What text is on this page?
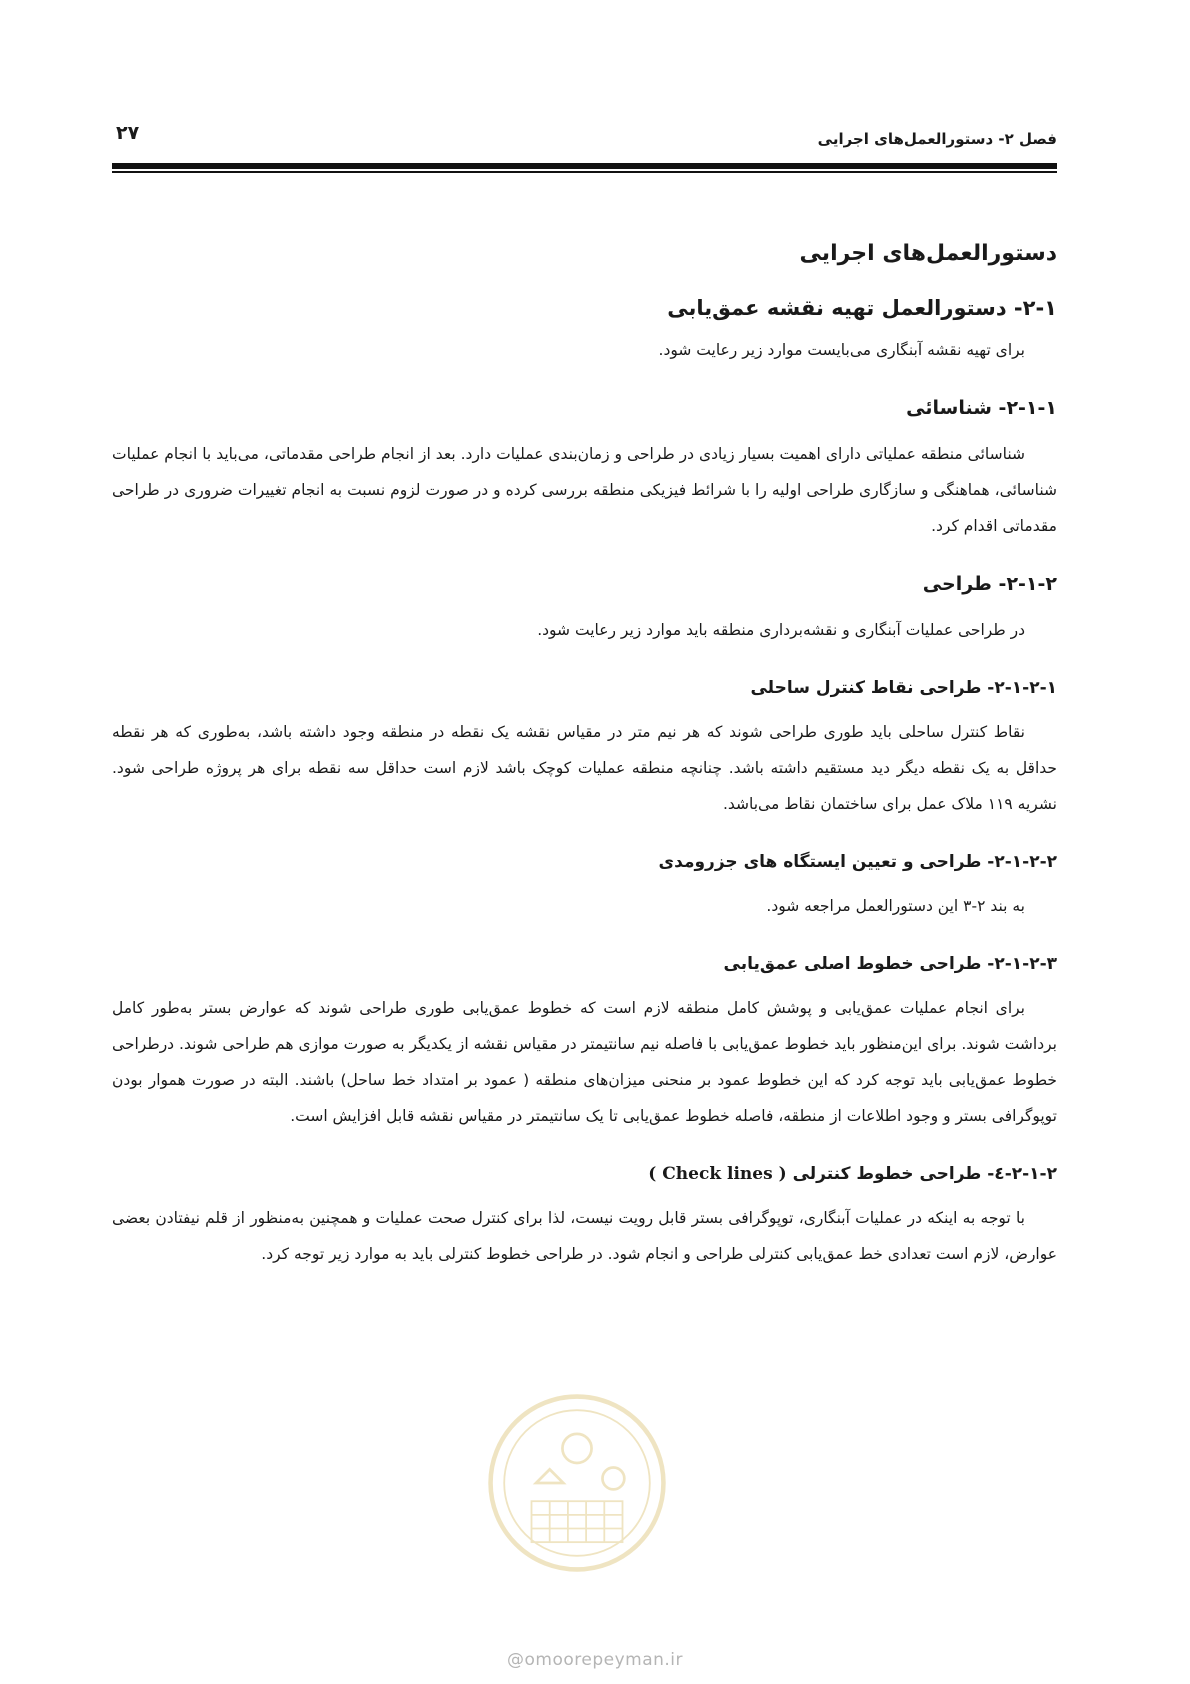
۲۷	فصل ۲- دستورالعمل‌های اجرایی
دستورالعمل‌های اجرایی
۲-۱- دستورالعمل تهیه نقشه عمق‌یابی

برای تهیه نقشه آبنگاری می‌بایست موارد زیر رعایت شود.

۲-۱-۱- شناسائی

شناسائی منطقه عملیاتی دارای اهمیت بسیار زیادی در طراحی و زمان‌بندی عملیات دارد. بعد از انجام طراحی مقدماتی، می‌باید با انجام عملیات شناسائی، هماهنگی و سازگاری طراحی اولیه را با شرائط فیزیکی منطقه بررسی کرده و در صورت لزوم نسبت به انجام تغییرات ضروری در طراحی مقدماتی اقدام کرد.

۲-۱-۲- طراحی

در طراحی عملیات آبنگاری و نقشه‌برداری منطقه باید موارد زیر رعایت شود.

۲-۱-۲-۱- طراحی نقاط کنترل ساحلی

نقاط کنترل ساحلی باید طوری طراحی شوند که هر نیم متر در مقیاس نقشه یک نقطه در منطقه وجود داشته باشد، به‌طوری که هر نقطه حداقل به یک نقطه دیگر دید مستقیم داشته باشد. چنانچه منطقه عملیات کوچک باشد لازم است حداقل سه نقطه برای هر پروژه طراحی شود. نشریه ۱۱۹ ملاک عمل برای ساختمان نقاط می‌باشد.

۲-۱-۲-۲- طراحی و تعیین ایستگاه های جزرومدی

به بند ۲-۳ این دستورالعمل مراجعه شود.

۲-۱-۲-۳- طراحی خطوط اصلی عمق‌یابی

برای انجام عملیات عمق‌یابی و پوشش کامل منطقه لازم است که خطوط عمق‌یابی طوری طراحی شوند که عوارض بستر به‌طور کامل برداشت شوند. برای این‌منظور باید خطوط عمق‌یابی با فاصله نیم سانتیمتر در مقیاس نقشه از یکدیگر به صورت موازی هم طراحی شوند. درطراحی خطوط عمق‌یابی باید توجه کرد که این خطوط عمود بر منحنی میزان‌های منطقه ( عمود بر امتداد خط ساحل) باشند. البته در صورت هموار بودن توپوگرافی بستر و وجود اطلاعات از منطقه، فاصله خطوط عمق‌یابی تا یک سانتیمتر در مقیاس نقشه قابل افزایش است.

۲-۱-۲-٤- طراحی خطوط کنترلی ( Check lines )

با توجه به اینکه در عملیات آبنگاری، توپوگرافی بستر قابل رویت نیست، لذا برای کنترل صحت عملیات و همچنین به‌منظور از قلم نیفتادن بعضی عوارض، لازم است تعدادی خط عمق‌یابی کنترلی طراحی و انجام شود. در طراحی خطوط کنترلی باید به موارد زیر توجه کرد.

@omoorepeyman.ir
